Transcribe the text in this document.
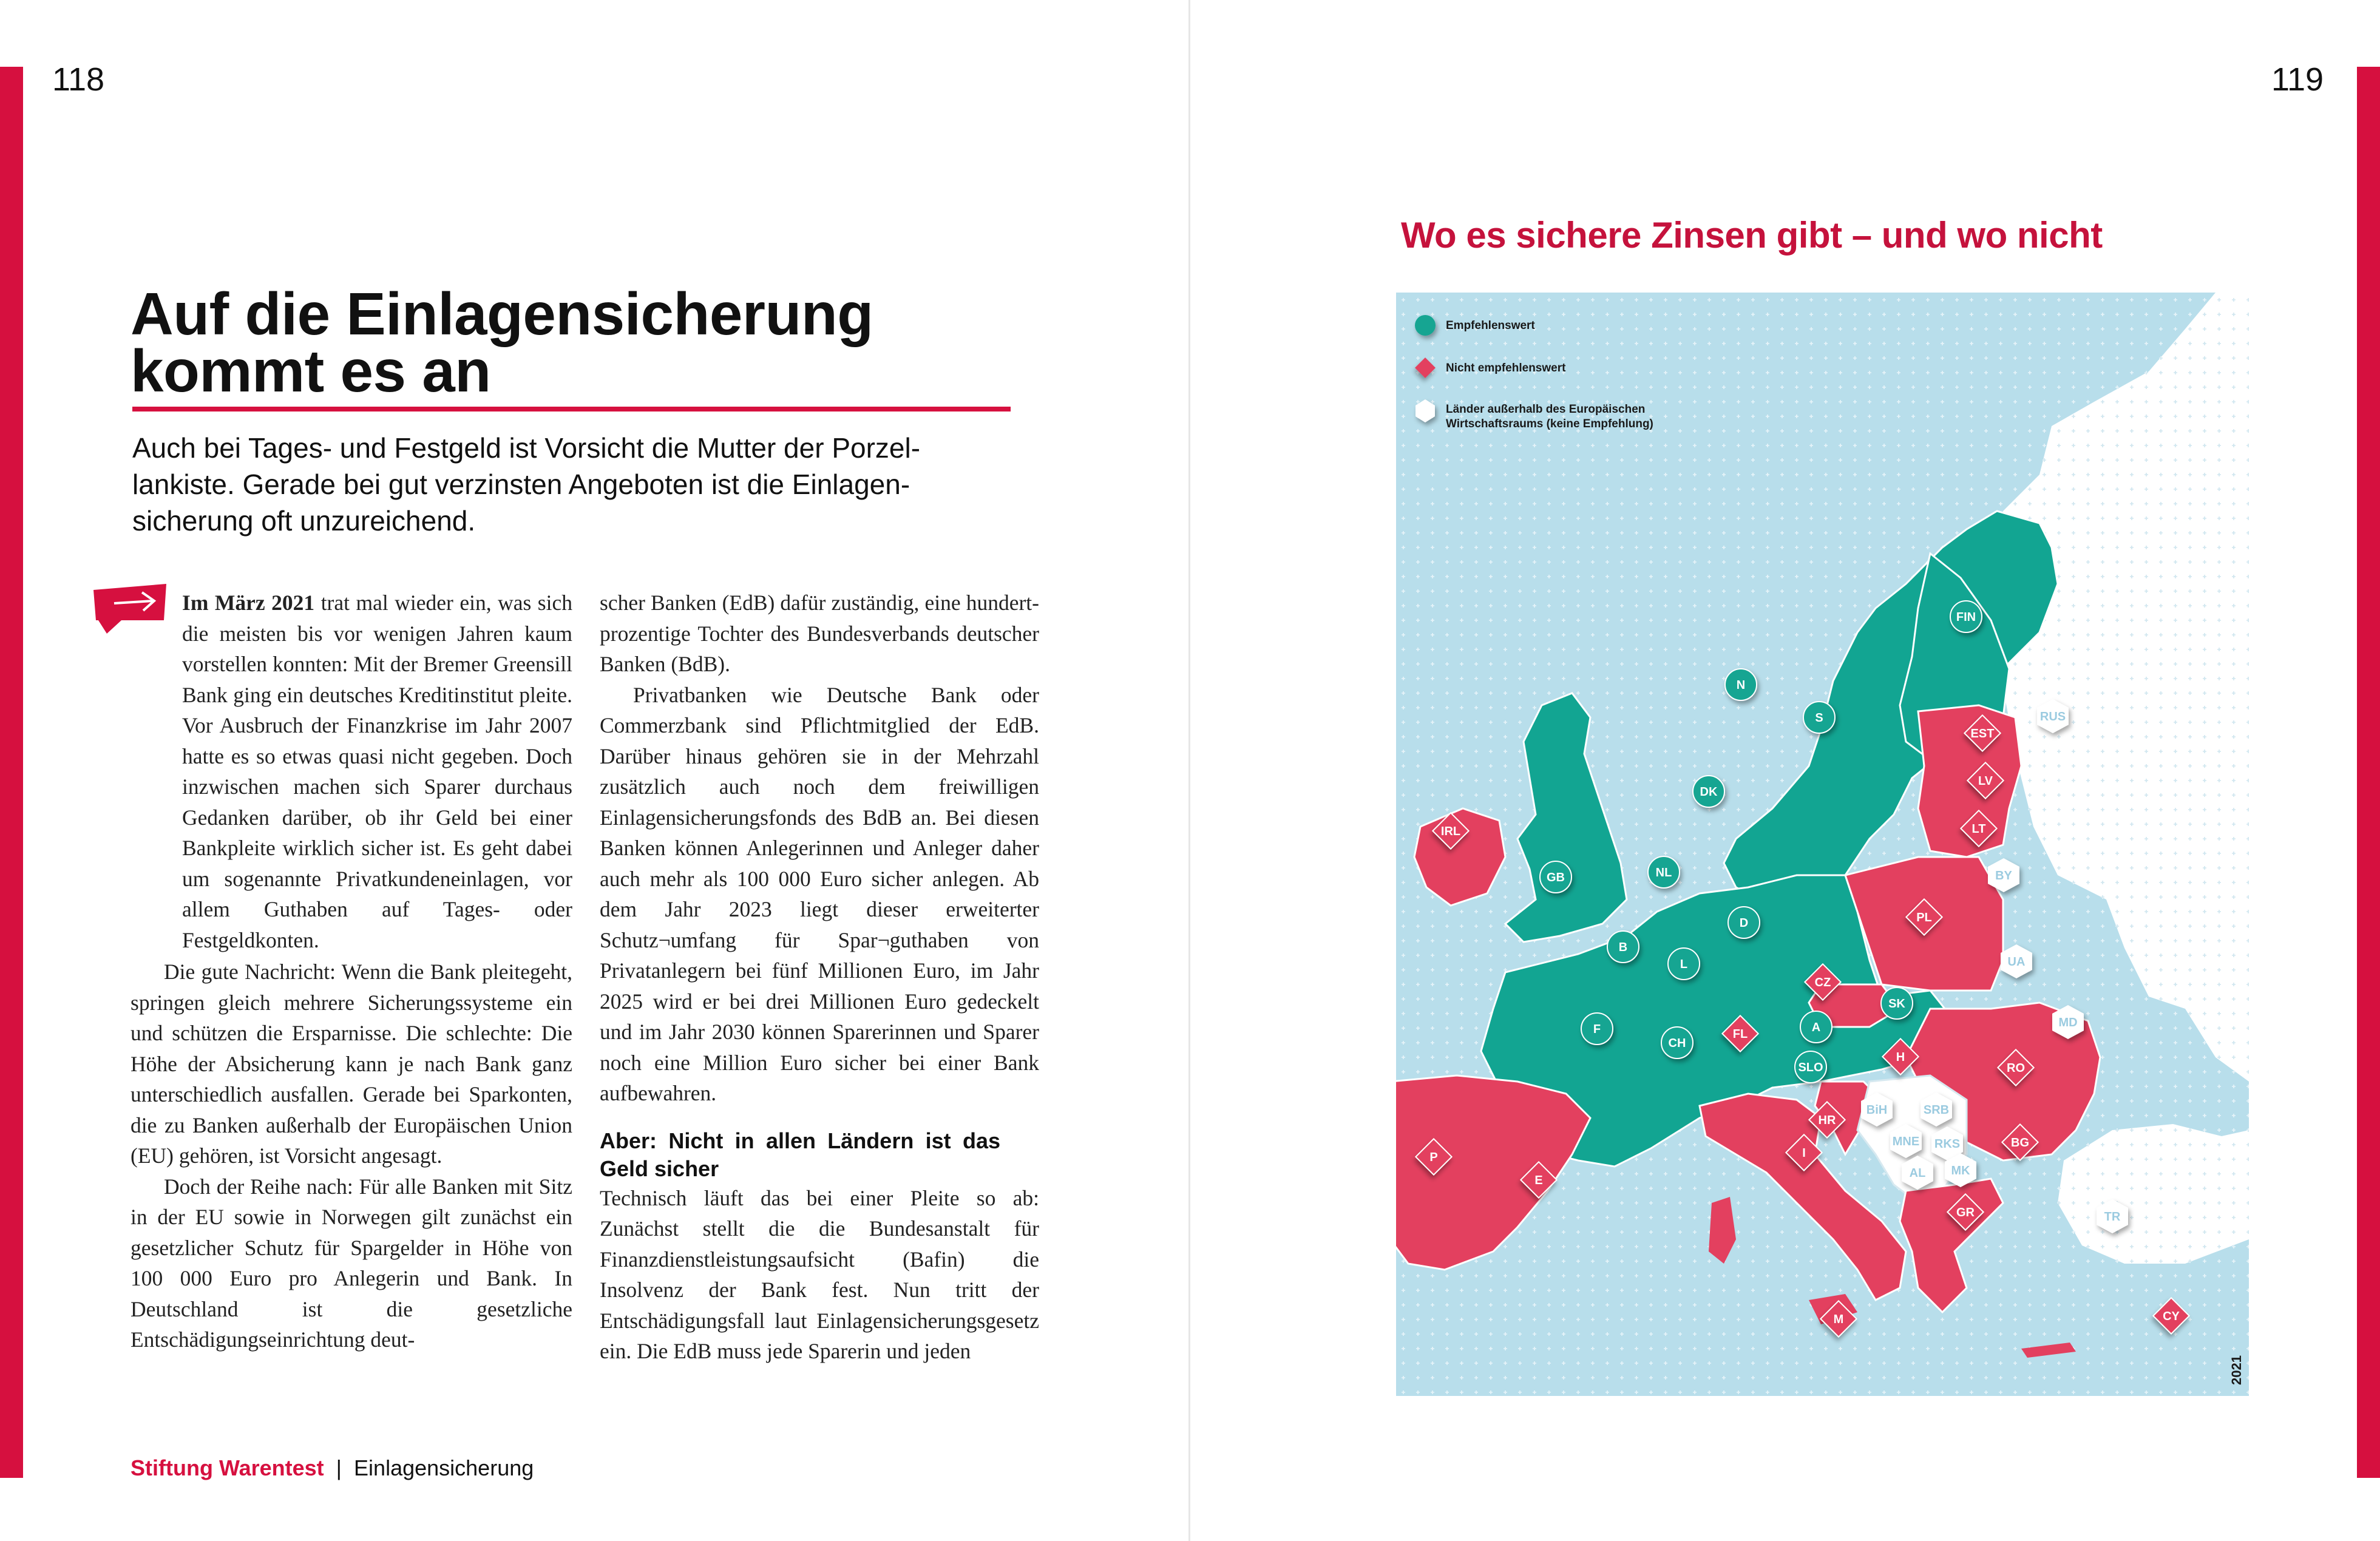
118
Auf die Einlagensicherung
kommt es an
Auch bei Tages- und Festgeld ist Vorsicht die Mutter der Porzel-
lankiste. Gerade bei gut verzinsten Angeboten ist die Einlagen-
sicherung oft unzureichend.

Im März 2021 trat mal wieder ein, was sich die meisten bis vor wenigen Jahren kaum vorstellen konnten: Mit der Bremer Greensill Bank ging ein deutsches Kreditinstitut pleite. Vor Ausbruch der Finanzkrise im Jahr 2007 hatte es so etwas quasi nicht gegeben. Doch inzwischen machen sich Sparer durchaus Gedanken darüber, ob ihr Geld bei einer Bankpleite wirklich sicher ist. Es geht dabei um sogenannte Privatkundeneinlagen, vor allem Guthaben auf Tages- oder Festgeldkonten.

Die gute Nachricht: Wenn die Bank pleitegeht, springen gleich mehrere Sicherungssysteme ein und schützen die Ersparnisse. Die schlechte: Die Höhe der Absicherung kann je nach Bank ganz unterschiedlich ausfallen. Gerade bei Sparkonten, die zu Banken außerhalb der Europäischen Union (EU) gehören, ist Vorsicht angesagt.

Doch der Reihe nach: Für alle Banken mit Sitz in der EU sowie in Norwegen gilt zunächst ein gesetzlicher Schutz für Spargelder in Höhe von 100 000 Euro pro Anlegerin und Bank. In Deutschland ist die gesetzliche Entschädigungseinrichtung deut-

scher Banken (EdB) dafür zuständig, eine hundert-prozentige Tochter des Bundesverbands deutscher Banken (BdB).

Privatbanken wie Deutsche Bank oder Commerzbank sind Pflichtmitglied der EdB. Darüber hinaus gehören sie in der Mehrzahl zusätzlich auch noch dem freiwilligen Einlagensicherungsfonds des BdB an. Bei diesen Banken können Anlegerinnen und Anleger daher auch mehr als 100 000 Euro sicher anlegen. Ab dem Jahr 2023 liegt dieser erweiterter Schutz¬umfang für Spar¬guthaben von Privatanlegern bei fünf Millionen Euro, im Jahr 2025 wird er bei drei Millionen Euro gedeckelt und im Jahr 2030 können Sparerinnen und Sparer noch eine Million Euro sicher bei einer Bank aufbewahren.

Aber: Nicht in allen Ländern ist das Geld sicher

Technisch läuft das bei einer Pleite so ab: Zunächst stellt die die Bundesanstalt für Finanzdienstleistungsaufsicht (Bafin) die Insolvenz der Bank fest. Nun tritt der Entschädigungsfall laut Einlagensicherungsgesetz ein. Die EdB muss jede Sparerin und jeden

Stiftung Warentest | Einlagensicherung
119
Wo es sichere Zinsen gibt – und wo nicht
Empfehlenswert
Nicht empfehlenswert
Länder außerhalb des Europäischen
Wirtschaftsraums (keine Empfehlung)
FIN
N
S
DK
GB	NL
D
B
L
F
CH
A
SK
SLO
IRL
EST
LV
LT
PL
CZ
FL
H
RO
HR
I
BG
GR
P
E
M	CY
RUS
BY
UA
MD
BiH	SRB
MNE RKS
AL MK
TR
2021
